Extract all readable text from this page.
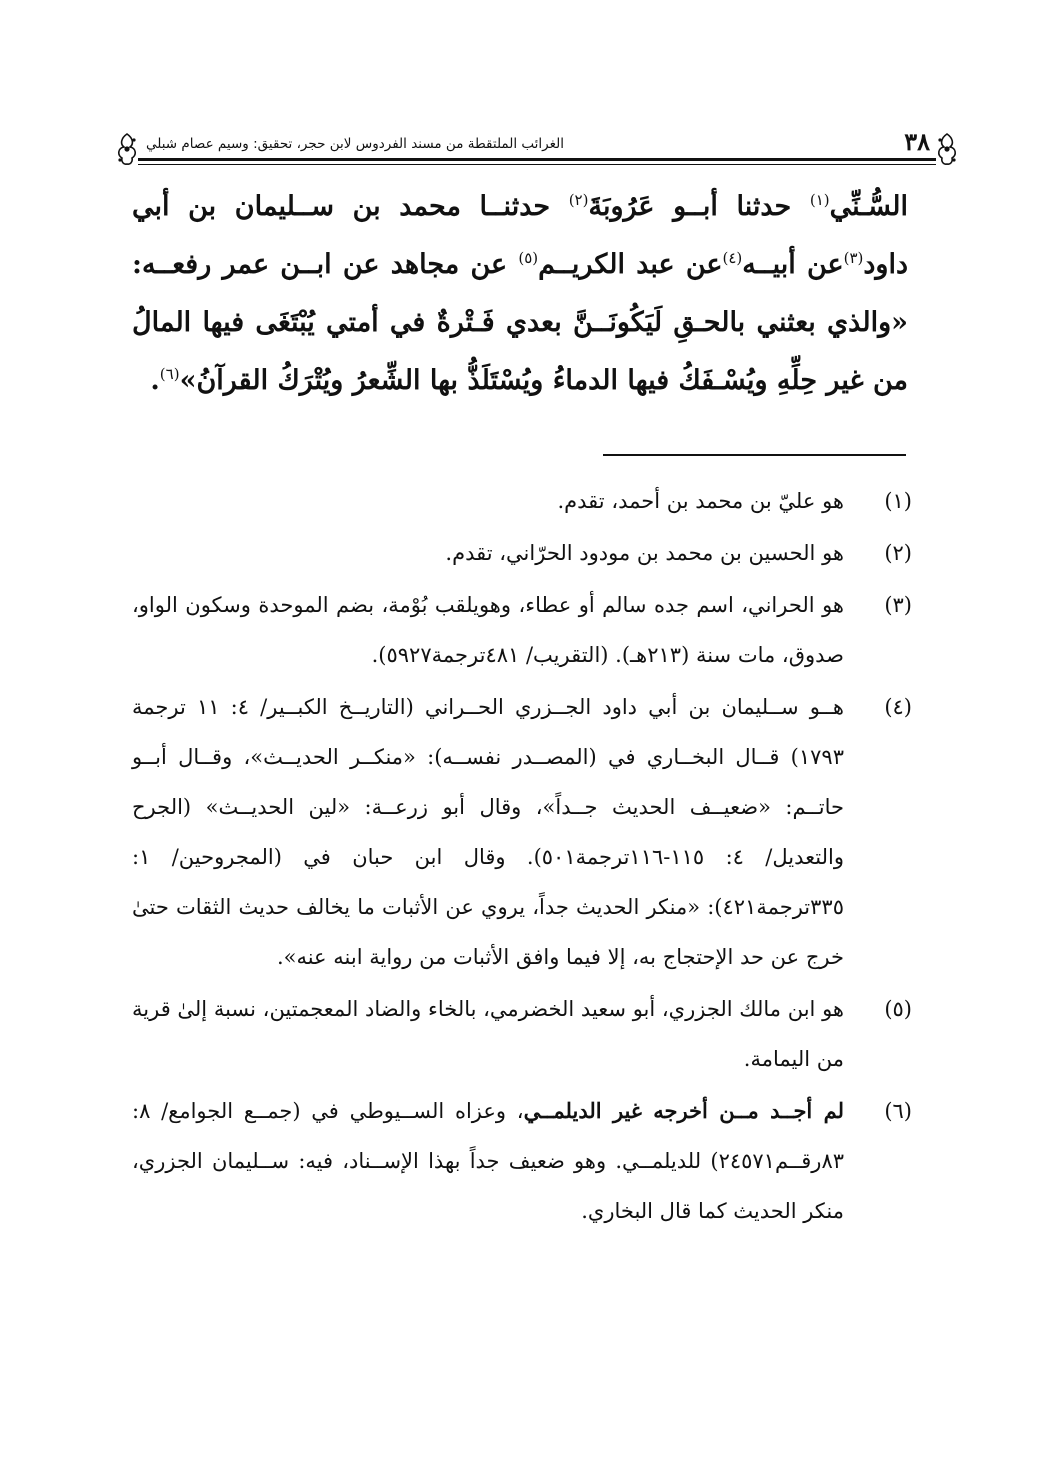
٣٨
الغرائب الملتقطة من مسند الفردوس لابن حجر، تحقيق: وسيم عصام شبلي

السُّـنِّي$^{(١)}$ حدثنا أبــو عَرُوبَةَ$^{(٢)}$ حدثنــا محمد بن ســليمان بن أبي داود$^{(٣)}$عن أبيــه$^{(٤)}$عن عبد الكريــم$^{(٥)}$ عن مجاهد عن ابــن عمر رفعــه: «والذي بعثني بالحـقِ لَيَكُونَــنَّ بعدي فَـتْرةٌ في أمتي يُبْتَغَى فيها المالُ من غير حِلِّهِ ويُسْـفَكُ فيها الدماءُ ويُسْتَلَذُّ بها الشِّعرُ ويُتْرَكُ القرآنُ»$^{(٦)}$.

(١)
هو عليّ بن محمد بن أحمد، تقدم.
(٢)
هو الحسين بن محمد بن مودود الحرّاني، تقدم.
(٣)
هو الحراني، اسم جده سالم أو عطاء، وهويلقب بُوْمة، بضم الموحدة وسكون الواو، صدوق، مات سنة (٢١٣هـ). (التقريب/ ٤٨١ترجمة٥٩٢٧).
(٤)
هــو ســليمان بن أبي داود الجــزري الحــراني (التاريــخ الكبــير/ ٤: ١١ ترجمة ١٧٩٣) قــال البخــاري في (المصــدر نفســه): «منكــر الحديــث»، وقــال أبــو حاتــم: «ضعيــف الحديث جــداً»، وقال أبو زرعــة: «لين الحديــث» (الجرح والتعديل/ ٤: ١١٥-١١٦ترجمة٥٠١). وقال ابن حبان في (المجروحين/ ١: ٣٣٥ترجمة٤٢١): «منكر الحديث جداً، يروي عن الأثبات ما يخالف حديث الثقات حتىٰ خرج عن حد الإحتجاج به، إلا فيما وافق الأثبات من رواية ابنه عنه».
(٥)
هو ابن مالك الجزري، أبو سعيد الخضرمي، بالخاء والضاد المعجمتين، نسبة إلىٰ قرية من اليمامة.
(٦)
لم أجــد مــن أخرجه غير الديلمــي، وعزاه الســيوطي في (جمــع الجوامع/ ٨: ٨٣رقــم٢٤٥٧١) للديلمــي. وهو ضعيف جداً بهذا الإســناد، فيه: ســليمان الجزري، منكر الحديث كما قال البخاري.
